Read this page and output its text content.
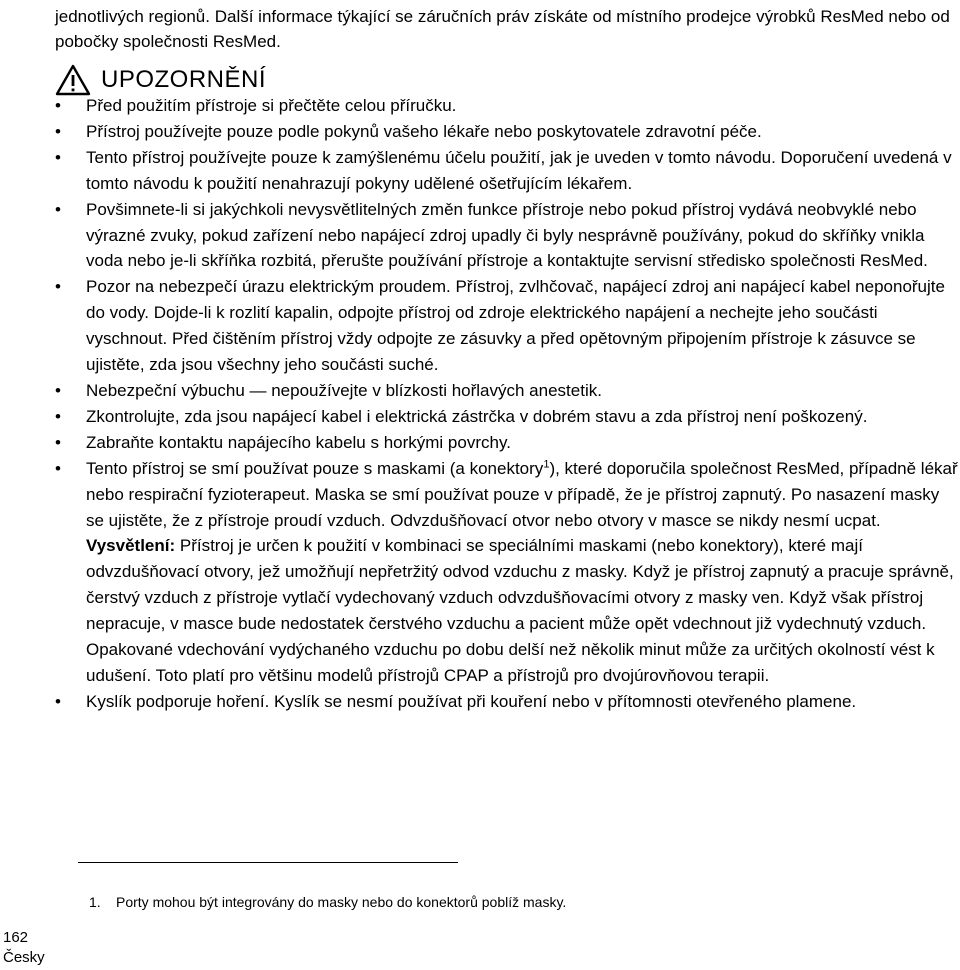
jednotlivých regionů. Další informace týkající se záručních práv získáte od místního prodejce výrobků ResMed nebo od pobočky společnosti ResMed.

UPOZORNĚNÍ
• Před použitím přístroje si přečtěte celou příručku.
• Přístroj používejte pouze podle pokynů vašeho lékaře nebo poskytovatele zdravotní péče.
• Tento přístroj používejte pouze k zamýšlenému účelu použití, jak je uveden v tomto návodu. Doporučení uvedená v tomto návodu k použití nenahrazují pokyny udělené ošetřujícím lékařem.
• Povšimnete-li si jakýchkoli nevysvětlitelných změn funkce přístroje nebo pokud přístroj vydává neobvyklé nebo výrazné zvuky, pokud zařízení nebo napájecí zdroj upadly či byly nesprávně používány, pokud do skříňky vnikla voda nebo je-li skříňka rozbitá, přerušte používání přístroje a kontaktujte servisní středisko společnosti ResMed.
• Pozor na nebezpečí úrazu elektrickým proudem. Přístroj, zvlhčovač, napájecí zdroj ani napájecí kabel neponořujte do vody. Dojde-li k rozlití kapalin, odpojte přístroj od zdroje elektrického napájení a nechejte jeho součásti vyschnout. Před čištěním přístroj vždy odpojte ze zásuvky a před opětovným připojením přístroje k zásuvce se ujistěte, zda jsou všechny jeho součásti suché.
• Nebezpeční výbuchu — nepoužívejte v blízkosti hořlavých anestetik.
• Zkontrolujte, zda jsou napájecí kabel i elektrická zástrčka v dobrém stavu a zda přístroj není poškozený.
• Zabraňte kontaktu napájecího kabelu s horkými povrchy.
• Tento přístroj se smí používat pouze s maskami (a konektory$^1$), které doporučila společnost ResMed, případně lékař nebo respirační fyzioterapeut. Maska se smí používat pouze v případě, že je přístroj zapnutý. Po nasazení masky se ujistěte, že z přístroje proudí vzduch. Odvzdušňovací otvor nebo otvory v masce se nikdy nesmí ucpat.
Vysvětlení: Přístroj je určen k použití v kombinaci se speciálními maskami (nebo konektory), které mají odvzdušňovací otvory, jež umožňují nepřetržitý odvod vzduchu z masky. Když je přístroj zapnutý a pracuje správně, čerstvý vzduch z přístroje vytlačí vydechovaný vzduch odvzdušňovacími otvory z masky ven. Když však přístroj nepracuje, v masce bude nedostatek čerstvého vzduchu a pacient může opět vdechnout již vydechnutý vzduch. Opakované vdechování vydýchaného vzduchu po dobu delší než několik minut může za určitých okolností vést k udušení. Toto platí pro většinu modelů přístrojů CPAP a přístrojů pro dvojúrovňovou terapii.
• Kyslík podporuje hoření. Kyslík se nesmí používat při kouření nebo v přítomnosti otevřeného plamene.

1. Porty mohou být integrovány do masky nebo do konektorů poblíž masky.

162
Česky
